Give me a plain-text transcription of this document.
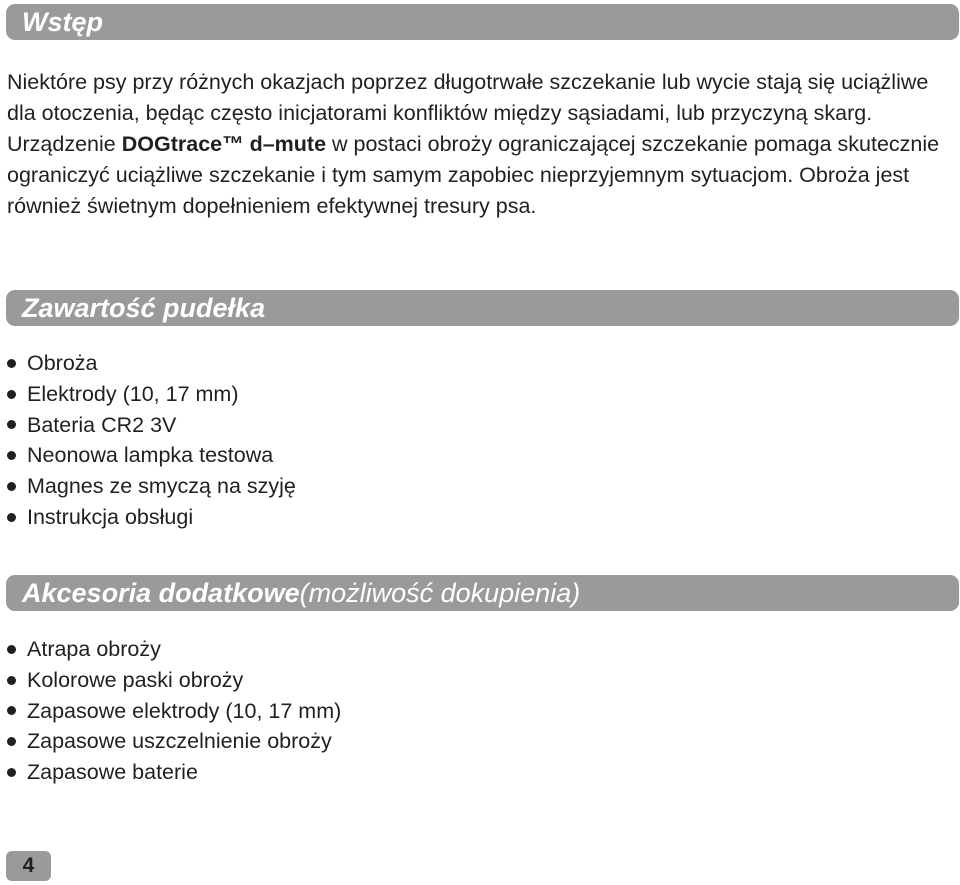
Wstęp

Niektóre psy przy różnych okazjach poprzez długotrwałe szczekanie lub wycie stają się uciążliwe dla otoczenia, będąc często inicjatorami konfliktów między sąsiadami, lub przyczyną skarg. Urządzenie DOGtrace™ d–mute w postaci obroży ograniczającej szczekanie pomaga skutecznie ograniczyć uciążliwe szczekanie i tym samym zapobiec nieprzyjemnym sytuacjom. Obroża jest również świetnym dopełnieniem efektywnej tresury psa.

Zawartość pudełka
Obroża
Elektrody (10, 17 mm)
Bateria CR2 3V
Neonowa lampka testowa
Magnes ze smyczą na szyję
Instrukcja obsługi
Akcesoria dodatkowe (możliwość dokupienia)
Atrapa obroży
Kolorowe paski obroży
Zapasowe elektrody (10, 17 mm)
Zapasowe uszczelnienie obroży
Zapasowe baterie
4
